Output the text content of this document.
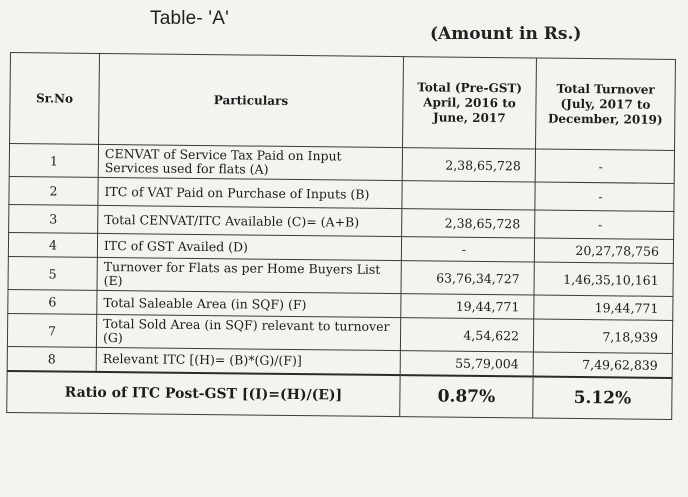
Table- 'A'
(Amount in Rs.)
Sr.No	Particulars	Total (Pre-GST) April, 2016 to June, 2017	Total Turnover (July, 2017 to December, 2019)
1	CENVAT of Service Tax Paid on Input Services used for flats (A)	2,38,65,728	-
2	ITC of VAT Paid on Purchase of Inputs (B)		-
3	Total CENVAT/ITC Available (C)= (A+B)	2,38,65,728	-
4	ITC of GST Availed (D)	-	20,27,78,756
5	Turnover for Flats as per Home Buyers List (E)	63,76,34,727	1,46,35,10,161
6	Total Saleable Area (in SQF) (F)	19,44,771	19,44,771
7	Total Sold Area (in SQF) relevant to turnover (G)	4,54,622	7,18,939
8	Relevant ITC [(H)= (B)*(G)/(F)]	55,79,004	7,49,62,839
Ratio of ITC Post-GST [(I)=(H)/(E)]		0.87%	5.12%
